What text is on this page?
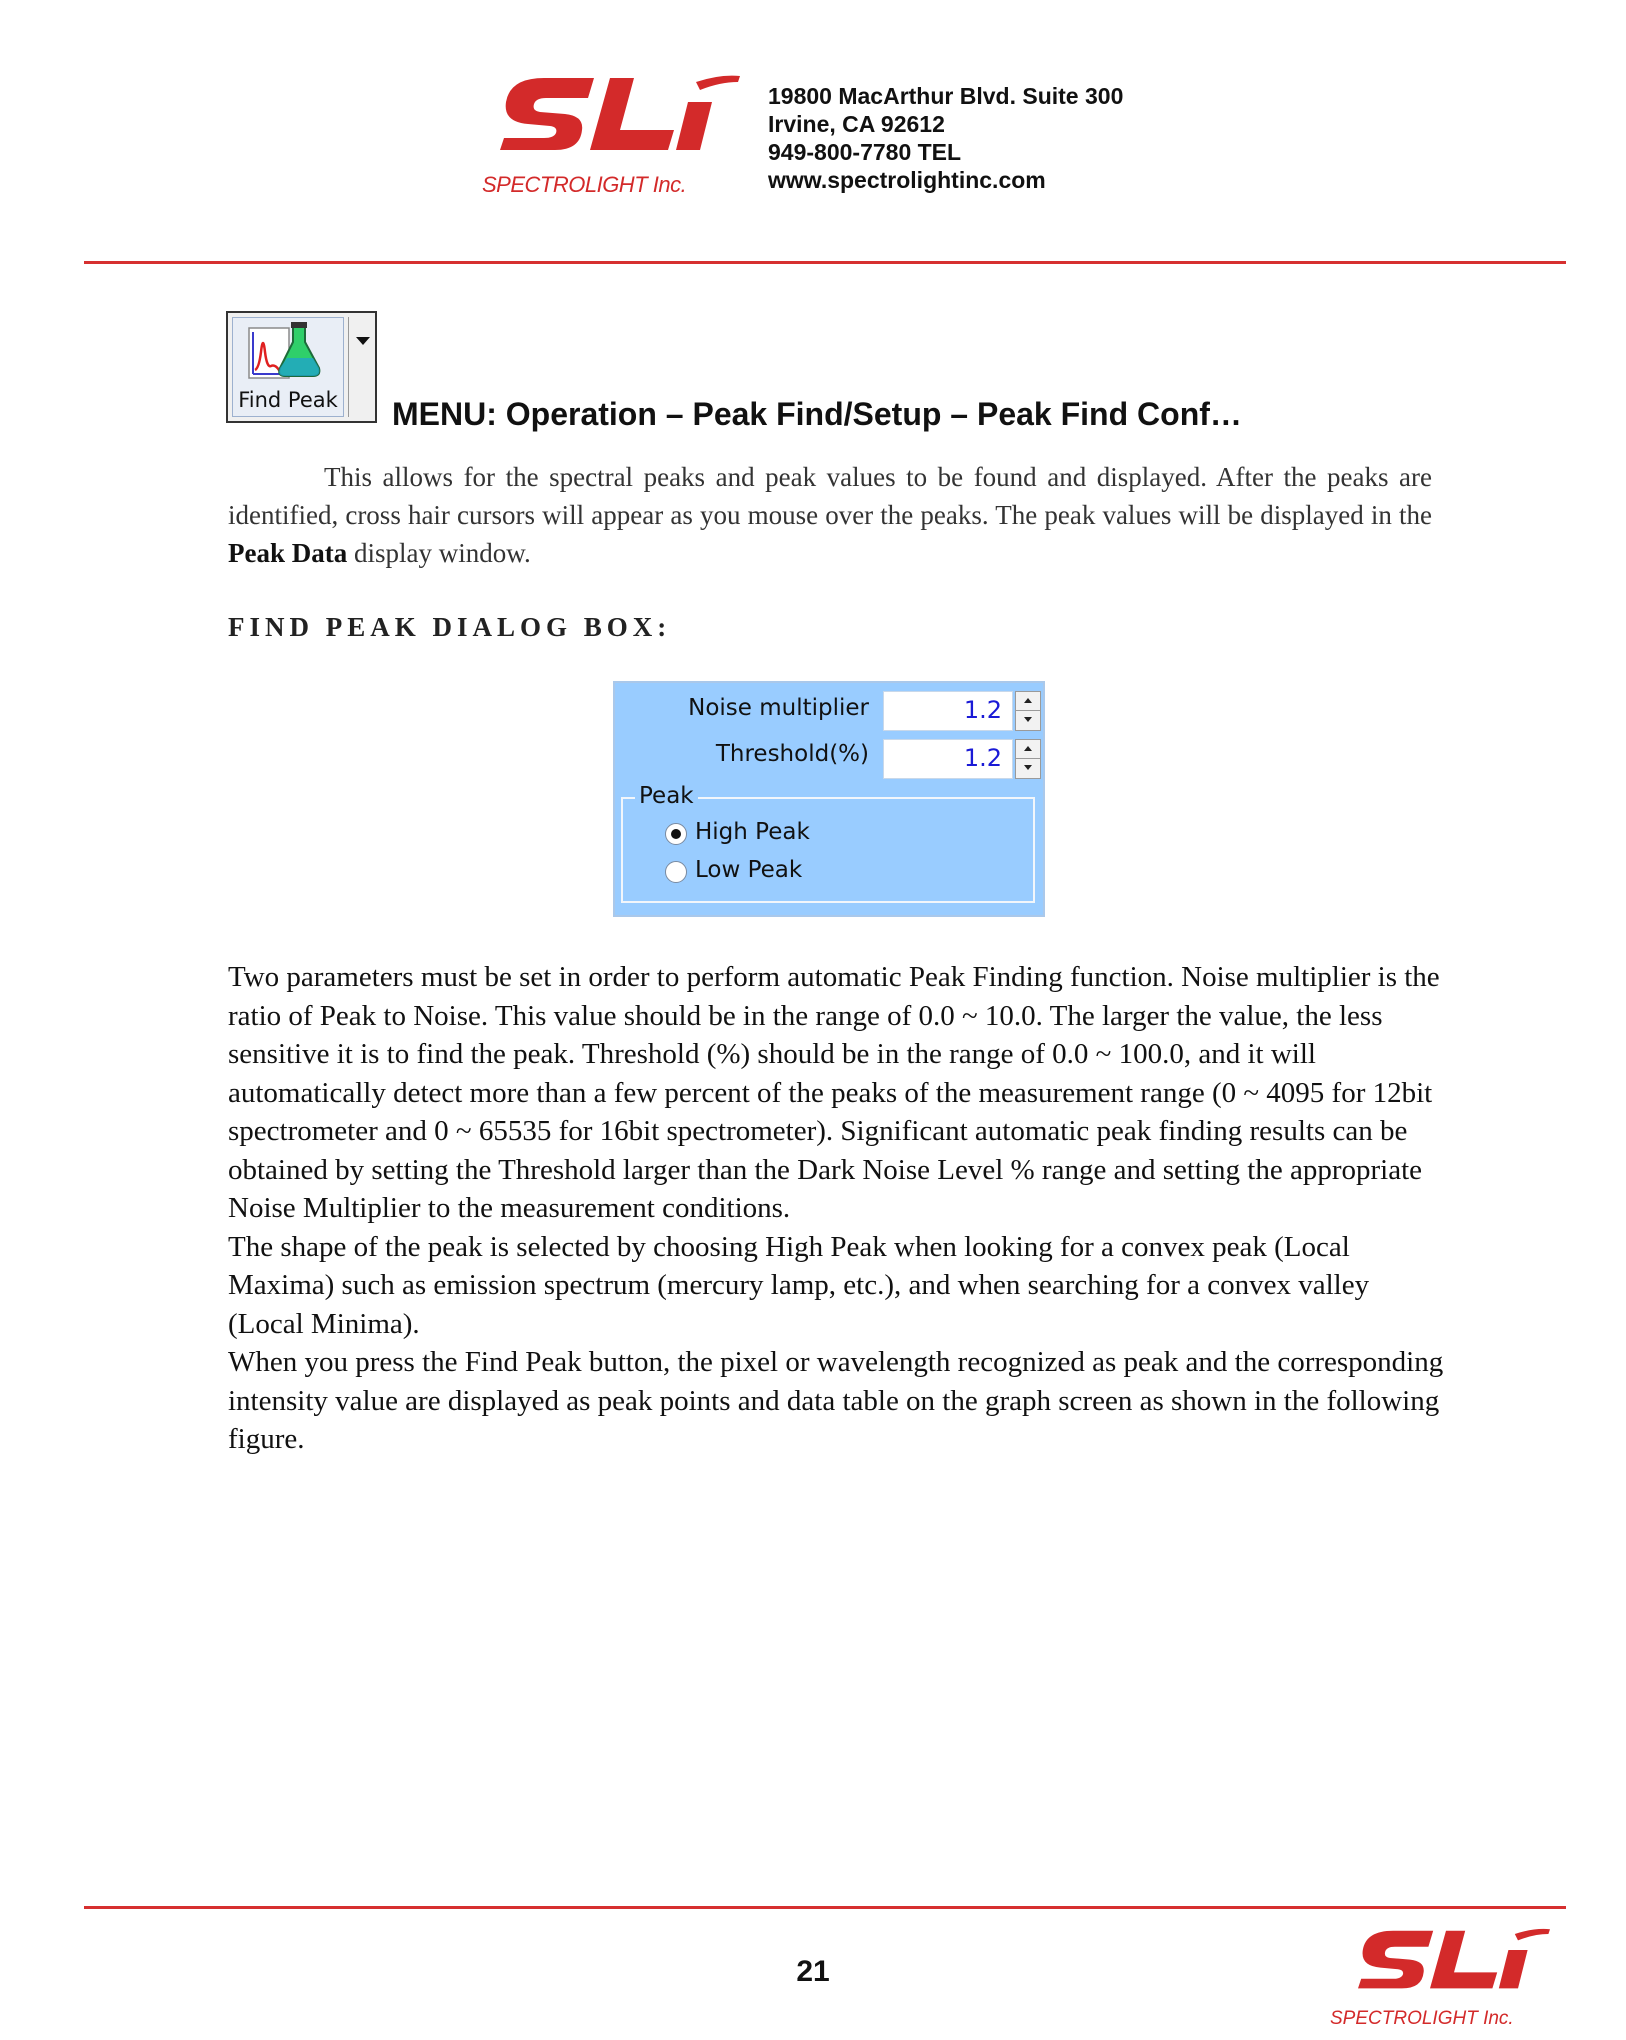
SPECTROLIGHT Inc.
19800 MacArthur Blvd. Suite 300
Irvine, CA 92612
949-800-7780 TEL
www.spectrolightinc.com
Find Peak MENU: Operation – Peak Find/Setup – Peak Find Conf…
This allows for the spectral peaks and peak values to be found and displayed. After the peaks are identified, cross hair cursors will appear as you mouse over the peaks. The peak values will be displayed in the Peak Data display window.
FIND PEAK DIALOG BOX:
Noise multiplier	1.2
Threshold(%)	1.2
Peak
High Peak
Low Peak

Two parameters must be set in order to perform automatic Peak Finding function. Noise multiplier is the ratio of Peak to Noise. This value should be in the range of 0.0 ~ 10.0. The larger the value, the less sensitive it is to find the peak. Threshold (%) should be in the range of 0.0 ~ 100.0, and it will automatically detect more than a few percent of the peaks of the measurement range (0 ~ 4095 for 12bit spectrometer and 0 ~ 65535 for 16bit spectrometer). Significant automatic peak finding results can be obtained by setting the Threshold larger than the Dark Noise Level % range and setting the appropriate Noise Multiplier to the measurement conditions.

The shape of the peak is selected by choosing High Peak when looking for a convex peak (Local Maxima) such as emission spectrum (mercury lamp, etc.), and when searching for a convex valley (Local Minima).

When you press the Find Peak button, the pixel or wavelength recognized as peak and the corresponding intensity value are displayed as peak points and data table on the graph screen as shown in the following figure.

21
SPECTROLIGHT Inc.
